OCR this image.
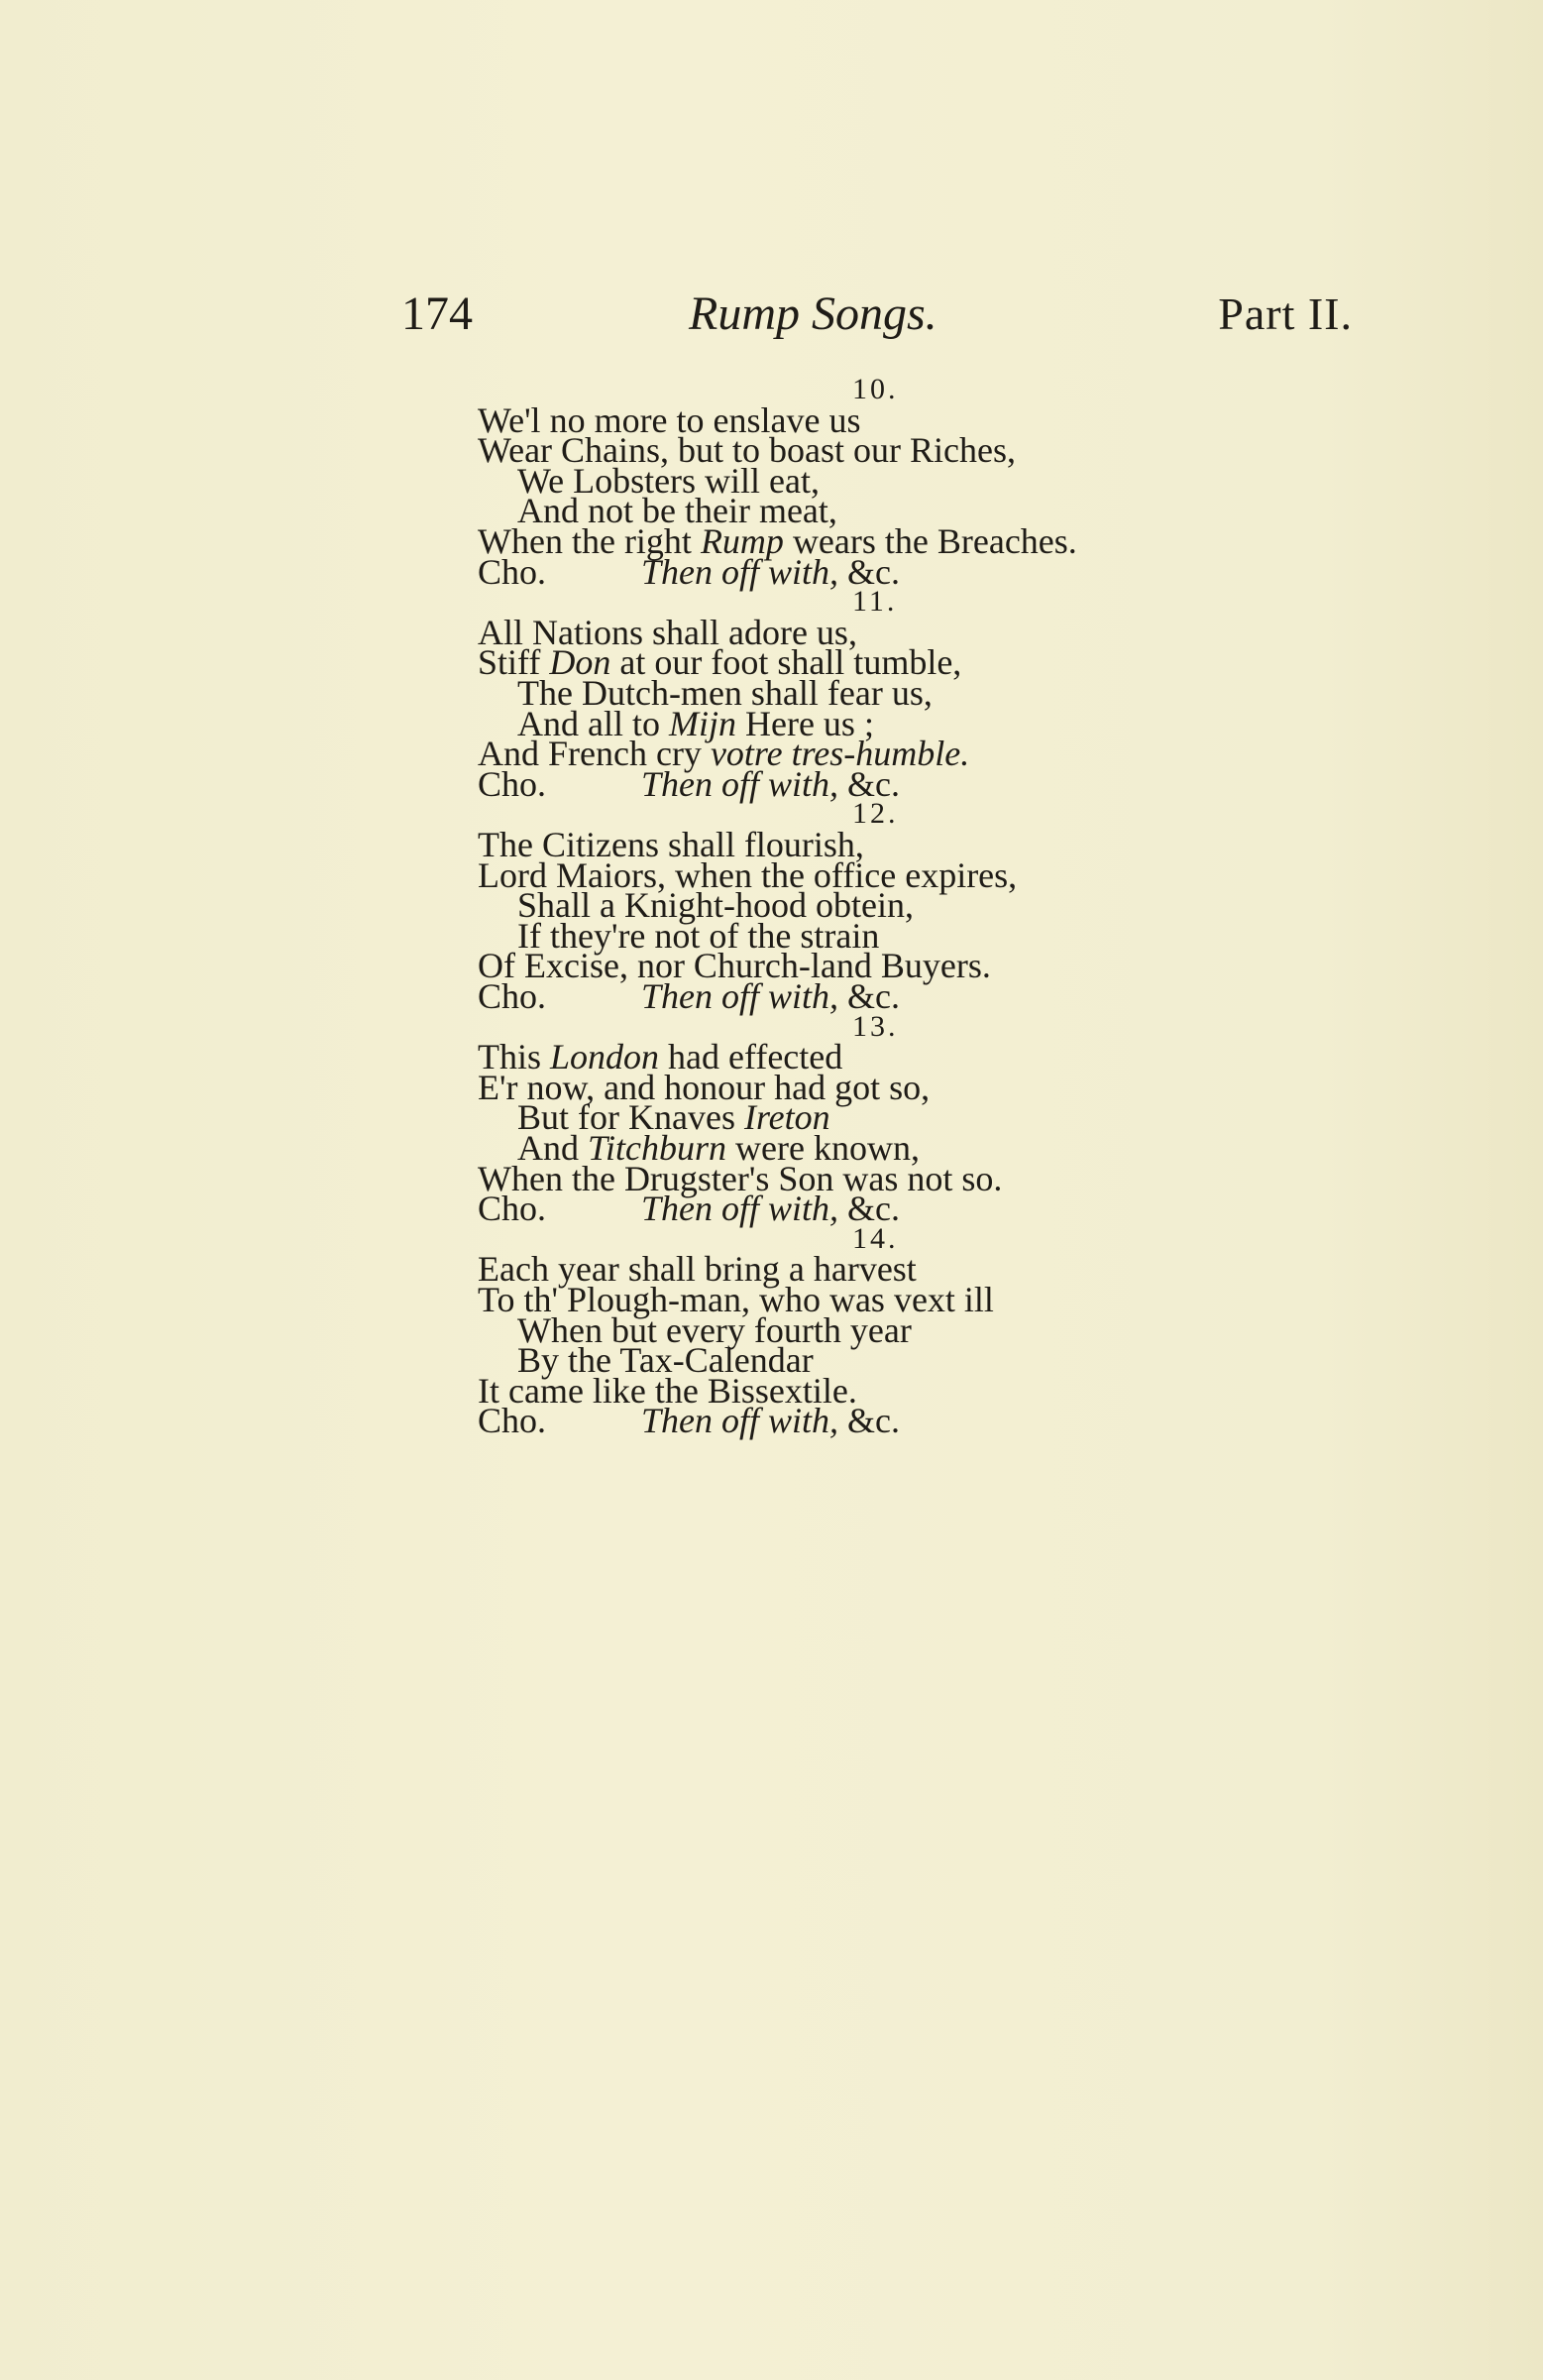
174	Rump Songs.	Part II.
10.
We'l no more to enslave us
Wear Chains, but to boast our Riches,
We Lobsters will eat,
And not be their meat,
When the right Rump wears the Breaches.
Cho.	Then off with, &c.
11.
All Nations shall adore us,
Stiff Don at our foot shall tumble,
The Dutch-men shall fear us,
And all to Mijn Here us ;
And French cry votre tres-humble.
Cho.	Then off with, &c.
12.
The Citizens shall flourish,
Lord Maiors, when the office expires,
Shall a Knight-hood obtein,
If they're not of the strain
Of Excise, nor Church-land Buyers.
Cho.	Then off with, &c.
13.
This London had effected
E'r now, and honour had got so,
But for Knaves Ireton
And Titchburn were known,
When the Drugster's Son was not so.
Cho.	Then off with, &c.
14.
Each year shall bring a harvest
To th' Plough-man, who was vext ill
When but every fourth year
By the Tax-Calendar
It came like the Bissextile.
Cho.	Then off with, &c.
